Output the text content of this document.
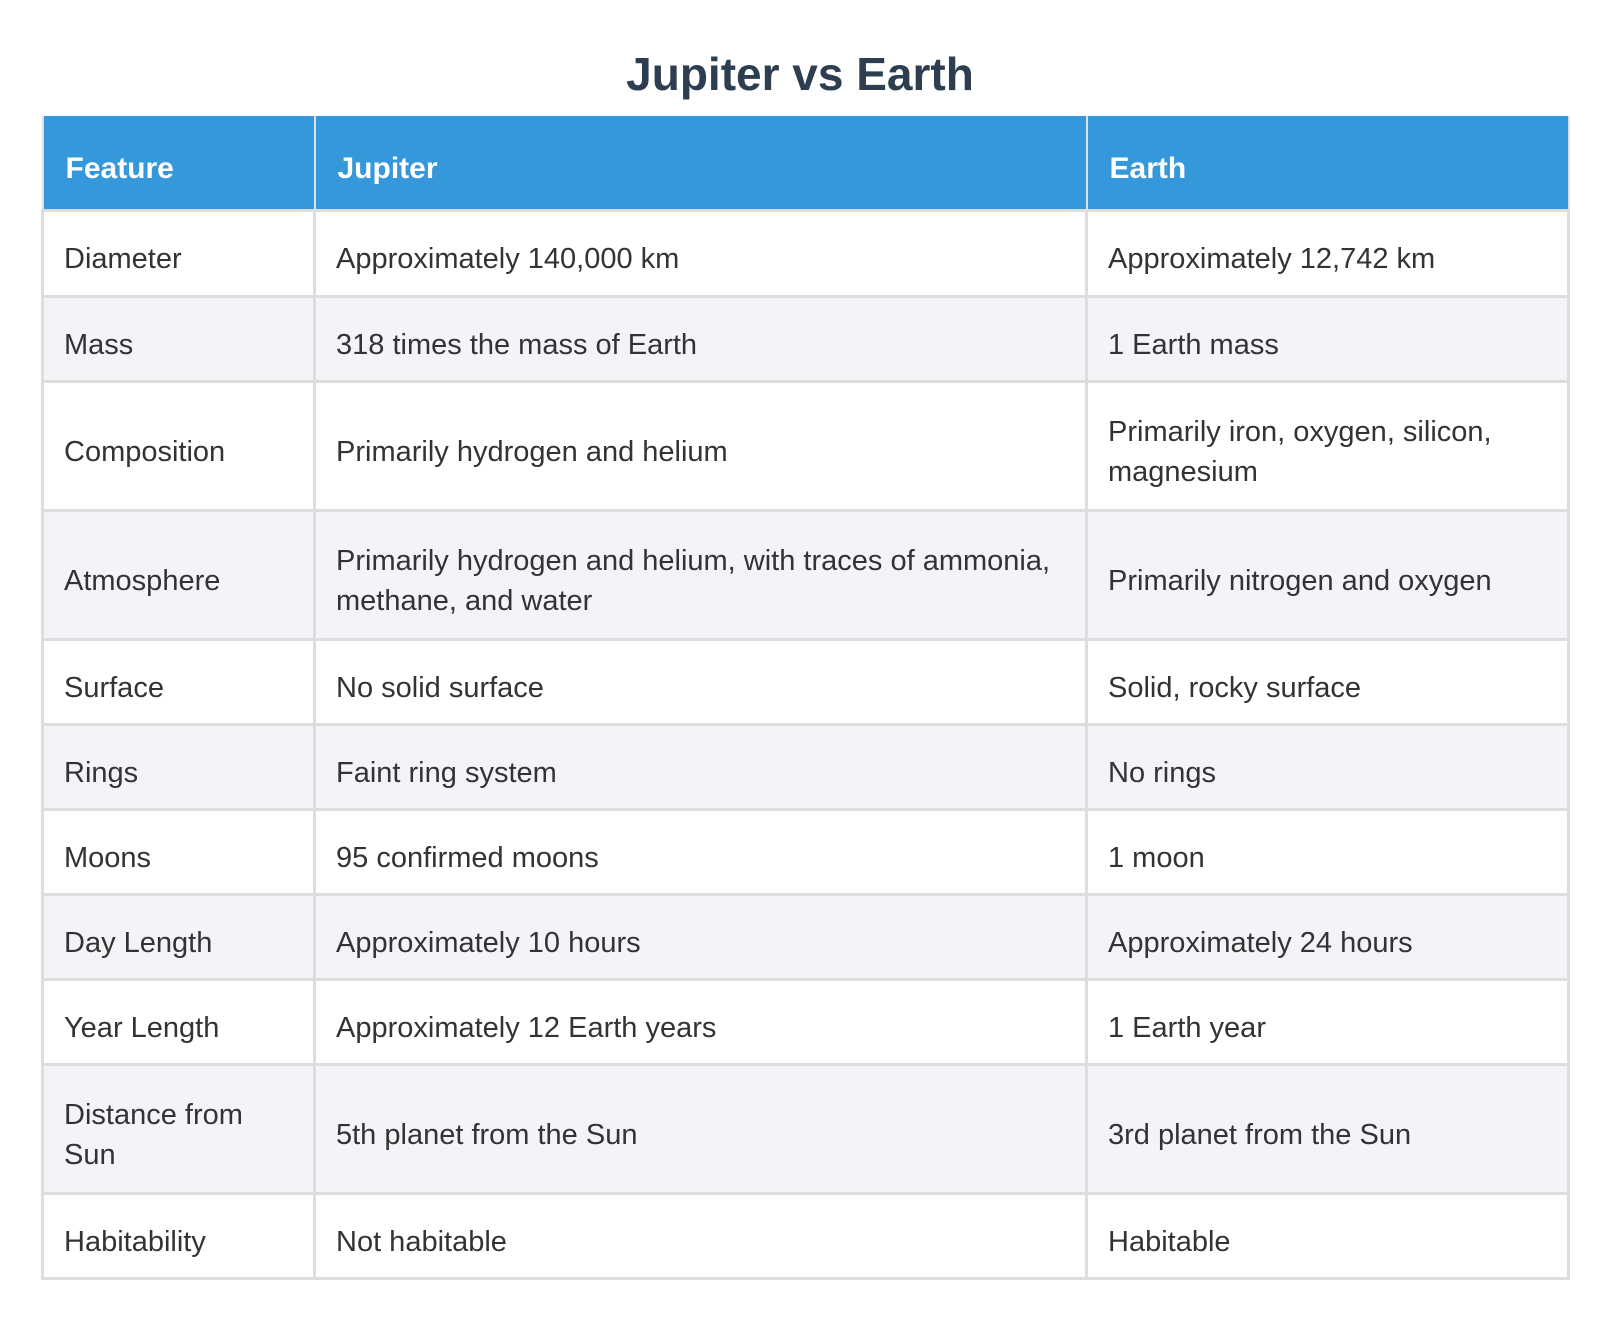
Jupiter vs Earth
Feature	Jupiter	Earth
Diameter	Approximately 140,000 km	Approximately 12,742 km
Mass	318 times the mass of Earth	1 Earth mass
Composition	Primarily hydrogen and helium	Primarily iron, oxygen, silicon, magnesium
Atmosphere	Primarily hydrogen and helium, with traces of ammonia, methane, and water	Primarily nitrogen and oxygen
Surface	No solid surface	Solid, rocky surface
Rings	Faint ring system	No rings
Moons	95 confirmed moons	1 moon
Day Length	Approximately 10 hours	Approximately 24 hours
Year Length	Approximately 12 Earth years	1 Earth year
Distance from Sun	5th planet from the Sun	3rd planet from the Sun
Habitability	Not habitable	Habitable
